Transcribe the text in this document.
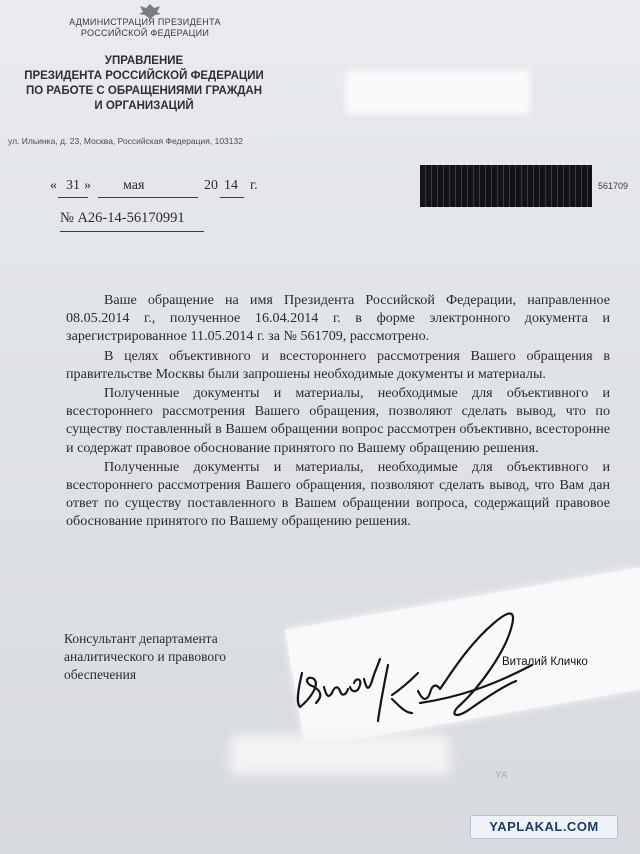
АДМИНИСТРАЦИЯ ПРЕЗИДЕНТА
РОССИЙСКОЙ ФЕДЕРАЦИИ
УПРАВЛЕНИЕ
ПРЕЗИДЕНТА РОССИЙСКОЙ ФЕДЕРАЦИИ
ПО РАБОТЕ С ОБРАЩЕНИЯМИ ГРАЖДАН
И ОРГАНИЗАЦИЙ
ул. Ильинка, д. 23, Москва, Российская Федерация, 103132
561709
« 31 » мая	20 14 г.
№ А26-14-56170991

Ваше обращение на имя Президента Российской Федерации, направленное 08.05.2014 г., полученное 16.04.2014 г. в форме электронного документа и зарегистрированное 11.05.2014 г. за № 561709, рассмотрено.

В целях объективного и всестороннего рассмотрения Вашего обращения в правительстве Москвы были запрошены необходимые документы и материалы.

Полученные документы и материалы, необходимые для объективного и всестороннего рассмотрения Вашего обращения, позволяют сделать вывод, что по существу поставленный в Вашем обращении вопрос рассмотрен объективно, всесторонне и содержат правовое обоснование принятого по Вашему обращению решения.

Полученные документы и материалы, необходимые для объективного и всестороннего рассмотрения Вашего обращения, позволяют сделать вывод, что Вам дан ответ по существу поставленного в Вашем обращении вопроса, содержащий правовое обоснование принятого по Вашему обращению решения.

Консультант департамента
аналитического и правового
обеспечения
Виталий Кличко
YA
YAPLAKAL.COM
